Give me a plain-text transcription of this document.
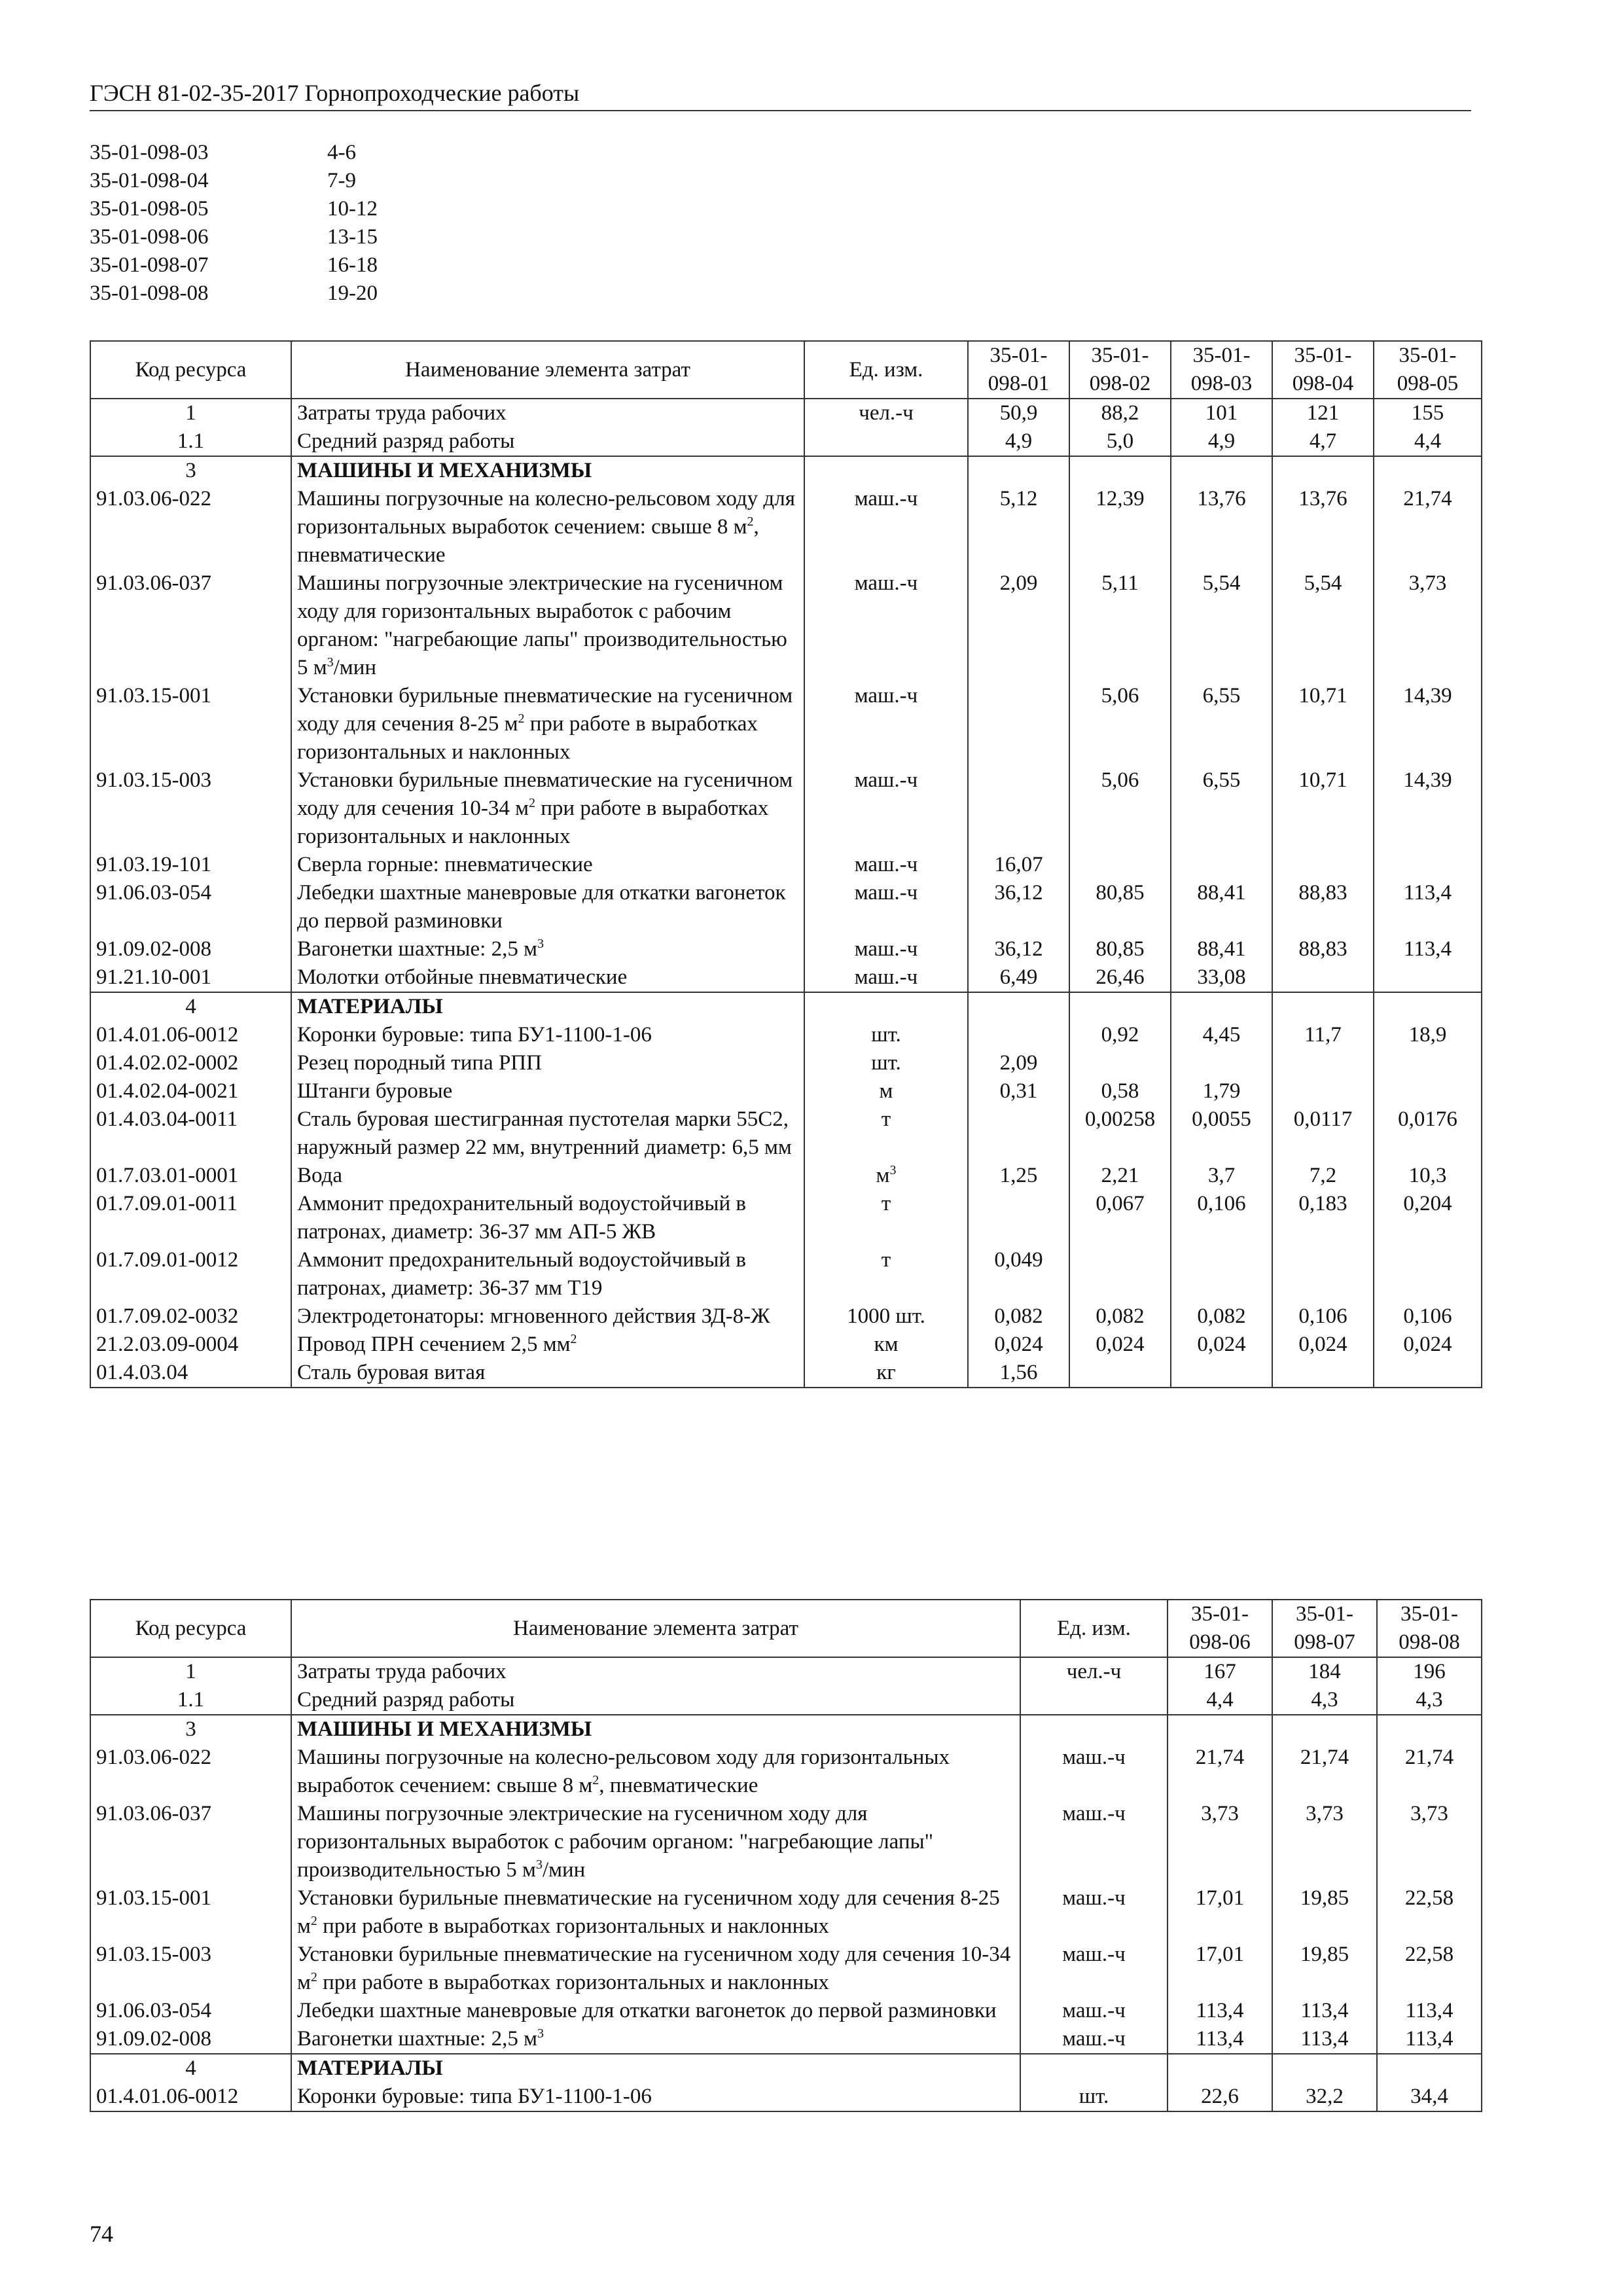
ГЭСН 81-02-35-2017 Горнопроходческие работы
35-01-098-03	4-6
35-01-098-04	7-9
35-01-098-05	10-12
35-01-098-06	13-15
35-01-098-07	16-18
35-01-098-08	19-20
Код ресурса	Наименование элемента затрат	Ед. изм.	35-01-098-01	35-01-098-02	35-01-098-03	35-01-098-04	35-01-098-05
1	Затраты труда рабочих	чел.-ч	50,9	88,2	101	121	155
1.1	Средний разряд работы		4,9	5,0	4,9	4,7	4,4
3	МАШИНЫ И МЕХАНИЗМЫ						
91.03.06-022	Машины погрузочные на колесно-рельсовом ходу для горизонтальных выработок сечением: свыше 8 $м^2$, пневматические	маш.-ч	5,12	12,39	13,76	13,76	21,74
91.03.06-037	Машины погрузочные электрические на гусеничном ходу для горизонтальных выработок с рабочим органом: "нагребающие лапы" производительностью 5 $м^3$/мин	маш.-ч	2,09	5,11	5,54	5,54	3,73
91.03.15-001	Установки бурильные пневматические на гусеничном ходу для сечения 8-25 $м^2$ при работе в выработках горизонтальных и наклонных	маш.-ч		5,06	6,55	10,71	14,39
91.03.15-003	Установки бурильные пневматические на гусеничном ходу для сечения 10-34 $м^2$ при работе в выработках горизонтальных и наклонных	маш.-ч		5,06	6,55	10,71	14,39
91.03.19-101	Сверла горные: пневматические	маш.-ч	16,07				
91.06.03-054	Лебедки шахтные маневровые для откатки вагонеток до первой разминовки	маш.-ч	36,12	80,85	88,41	88,83	113,4
91.09.02-008	Вагонетки шахтные: 2,5 $м^3$	маш.-ч	36,12	80,85	88,41	88,83	113,4
91.21.10-001	Молотки отбойные пневматические	маш.-ч	6,49	26,46	33,08		
4	МАТЕРИАЛЫ						
01.4.01.06-0012	Коронки буровые: типа БУ1-1100-1-06	шт.		0,92	4,45	11,7	18,9
01.4.02.02-0002	Резец породный типа РПП	шт.	2,09				
01.4.02.04-0021	Штанги буровые	м	0,31	0,58	1,79		
01.4.03.04-0011	Сталь буровая шестигранная пустотелая марки 55С2, наружный размер 22 мм, внутренний диаметр: 6,5 мм	т		0,00258	0,0055	0,0117	0,0176
01.7.03.01-0001	Вода	$м^3$	1,25	2,21	3,7	7,2	10,3
01.7.09.01-0011	Аммонит предохранительный водоустойчивый в патронах, диаметр: 36-37 мм АП-5 ЖВ	т		0,067	0,106	0,183	0,204
01.7.09.01-0012	Аммонит предохранительный водоустойчивый в патронах, диаметр: 36-37 мм Т19	т	0,049				
01.7.09.02-0032	Электродетонаторы: мгновенного действия ЗД-8-Ж	1000 шт.	0,082	0,082	0,082	0,106	0,106
21.2.03.09-0004	Провод ПРН сечением 2,5 $мм^2$	км	0,024	0,024	0,024	0,024	0,024
01.4.03.04	Сталь буровая витая	кг	1,56				
Код ресурса	Наименование элемента затрат	Ед. изм.	35-01-098-06	35-01-098-07	35-01-098-08
1	Затраты труда рабочих	чел.-ч	167	184	196
1.1	Средний разряд работы		4,4	4,3	4,3
3	МАШИНЫ И МЕХАНИЗМЫ				
91.03.06-022	Машины погрузочные на колесно-рельсовом ходу для горизонтальных выработок сечением: свыше 8 $м^2$, пневматические	маш.-ч	21,74	21,74	21,74
91.03.06-037	Машины погрузочные электрические на гусеничном ходу для горизонтальных выработок с рабочим органом: "нагребающие лапы" производительностью 5 $м^3$/мин	маш.-ч	3,73	3,73	3,73
91.03.15-001	Установки бурильные пневматические на гусеничном ходу для сечения 8-25 $м^2$ при работе в выработках горизонтальных и наклонных	маш.-ч	17,01	19,85	22,58
91.03.15-003	Установки бурильные пневматические на гусеничном ходу для сечения 10-34 $м^2$ при работе в выработках горизонтальных и наклонных	маш.-ч	17,01	19,85	22,58
91.06.03-054	Лебедки шахтные маневровые для откатки вагонеток до первой разминовки	маш.-ч	113,4	113,4	113,4
91.09.02-008	Вагонетки шахтные: 2,5 $м^3$	маш.-ч	113,4	113,4	113,4
4	МАТЕРИАЛЫ				
01.4.01.06-0012	Коронки буровые: типа БУ1-1100-1-06	шт.	22,6	32,2	34,4
74
